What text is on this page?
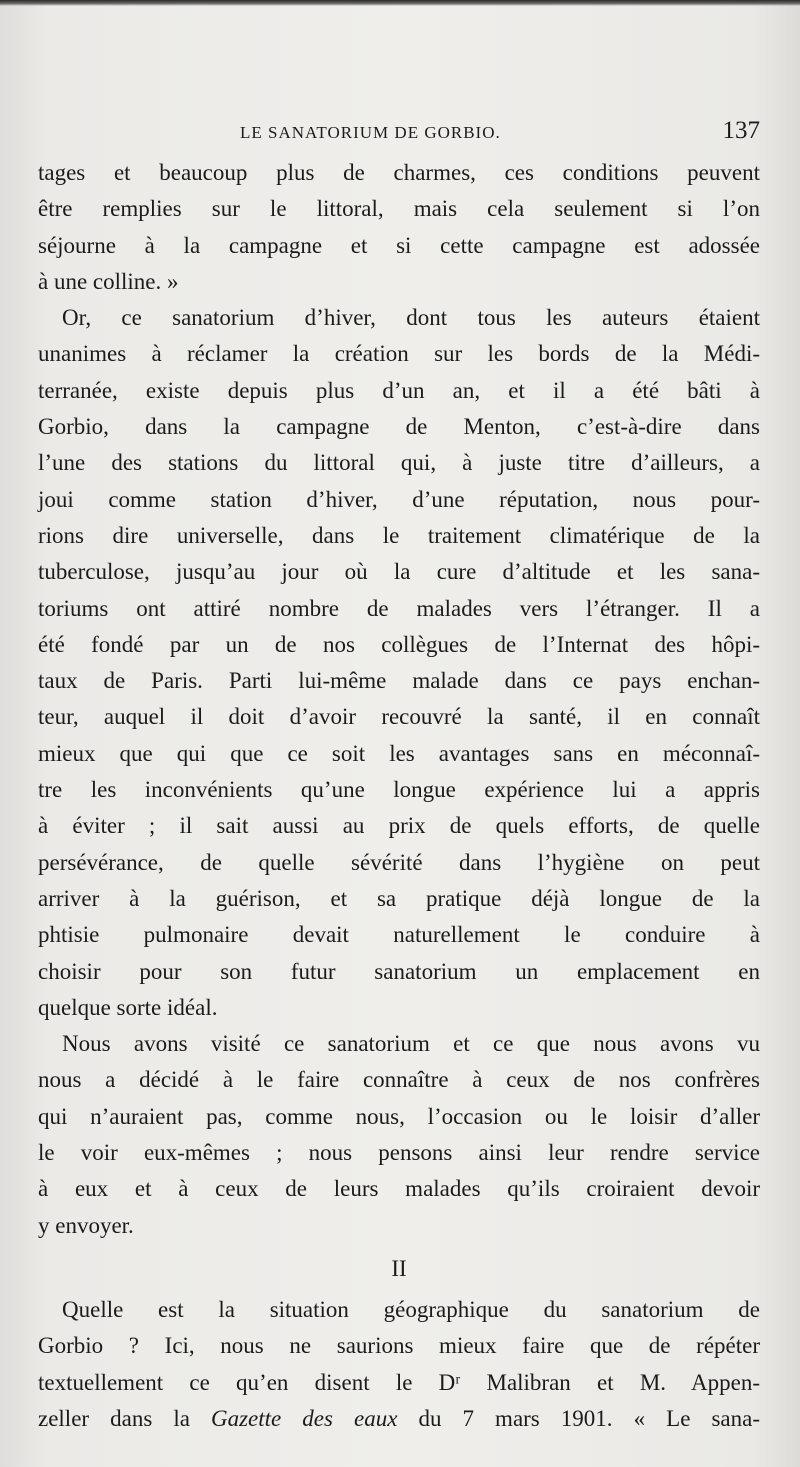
LE SANATORIUM DE GORBIO.	137
tages et beaucoup plus de charmes, ces conditions peuvent
être remplies sur le littoral, mais cela seulement si l’on
séjourne à la campagne et si cette campagne est adossée
à une colline. »
Or, ce sanatorium d’hiver, dont tous les auteurs étaient
unanimes à réclamer la création sur les bords de la Médi-
terranée, existe depuis plus d’un an, et il a été bâti à
Gorbio, dans la campagne de Menton, c’est-à-dire dans
l’une des stations du littoral qui, à juste titre d’ailleurs, a
joui comme station d’hiver, d’une réputation, nous pour-
rions dire universelle, dans le traitement climatérique de la
tuberculose, jusqu’au jour où la cure d’altitude et les sana-
toriums ont attiré nombre de malades vers l’étranger. Il a
été fondé par un de nos collègues de l’Internat des hôpi-
taux de Paris. Parti lui-même malade dans ce pays enchan-
teur, auquel il doit d’avoir recouvré la santé, il en connaît
mieux que qui que ce soit les avantages sans en méconnaî-
tre les inconvénients qu’une longue expérience lui a appris
à éviter ; il sait aussi au prix de quels efforts, de quelle
persévérance, de quelle sévérité dans l’hygiène on peut
arriver à la guérison, et sa pratique déjà longue de la
phtisie pulmonaire devait naturellement le conduire à
choisir pour son futur sanatorium un emplacement en
quelque sorte idéal.
Nous avons visité ce sanatorium et ce que nous avons vu
nous a décidé à le faire connaître à ceux de nos confrères
qui n’auraient pas, comme nous, l’occasion ou le loisir d’aller
le voir eux-mêmes ; nous pensons ainsi leur rendre service
à eux et à ceux de leurs malades qu’ils croiraient devoir
y envoyer.
II
Quelle est la situation géographique du sanatorium de
Gorbio ? Ici, nous ne saurions mieux faire que de répéter
textuellement ce qu’en disent le Dʳ Malibran et M. Appen-
zeller dans la Gazette des eaux du 7 mars 1901. « Le sana-
